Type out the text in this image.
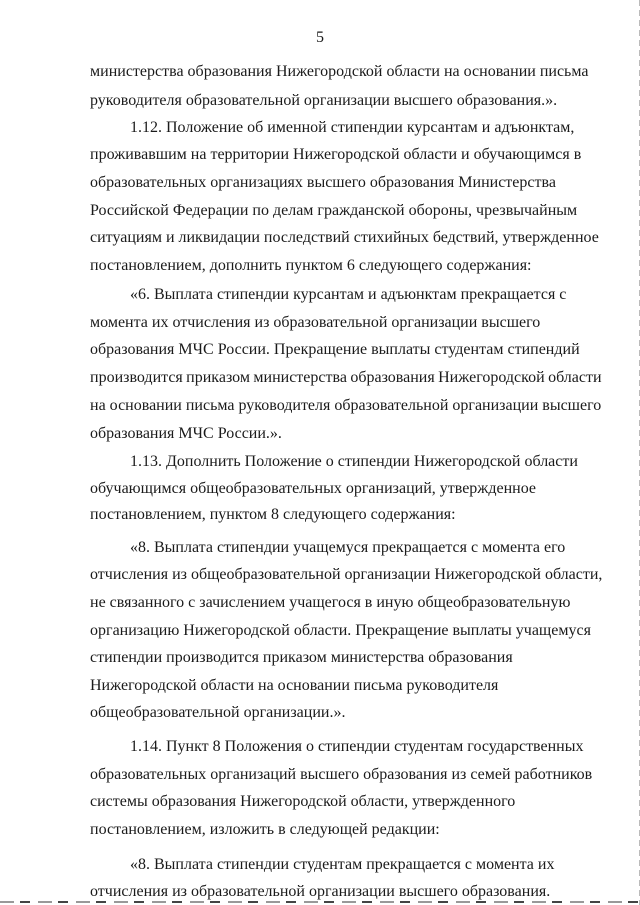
5
министерства образования Нижегородской области на основании письма
руководителя образовательной организации высшего образования.».
1.12. Положение об именной стипендии курсантам и адъюнктам,
проживавшим на территории Нижегородской области и обучающимся в
образовательных организациях высшего образования Министерства
Российской Федерации по делам гражданской обороны, чрезвычайным
ситуациям и ликвидации последствий стихийных бедствий, утвержденное
постановлением, дополнить пунктом 6 следующего содержания:
«6. Выплата стипендии курсантам и адъюнктам прекращается с
момента их отчисления из образовательной организации высшего
образования МЧС России. Прекращение выплаты студентам стипендий
производится приказом министерства образования Нижегородской области
на основании письма руководителя образовательной организации высшего
образования МЧС России.».
1.13. Дополнить Положение о стипендии Нижегородской области
обучающимся общеобразовательных организаций, утвержденное
постановлением, пунктом 8 следующего содержания:
«8. Выплата стипендии учащемуся прекращается с момента его
отчисления из общеобразовательной организации Нижегородской области,
не связанного с зачислением учащегося в иную общеобразовательную
организацию Нижегородской области. Прекращение выплаты учащемуся
стипендии производится приказом министерства образования
Нижегородской области на основании письма руководителя
общеобразовательной организации.».
1.14. Пункт 8 Положения о стипендии студентам государственных
образовательных организаций высшего образования из семей работников
системы образования Нижегородской области, утвержденного
постановлением, изложить в следующей редакции:
«8. Выплата стипендии студентам прекращается с момента их
отчисления из образовательной организации высшего образования.
